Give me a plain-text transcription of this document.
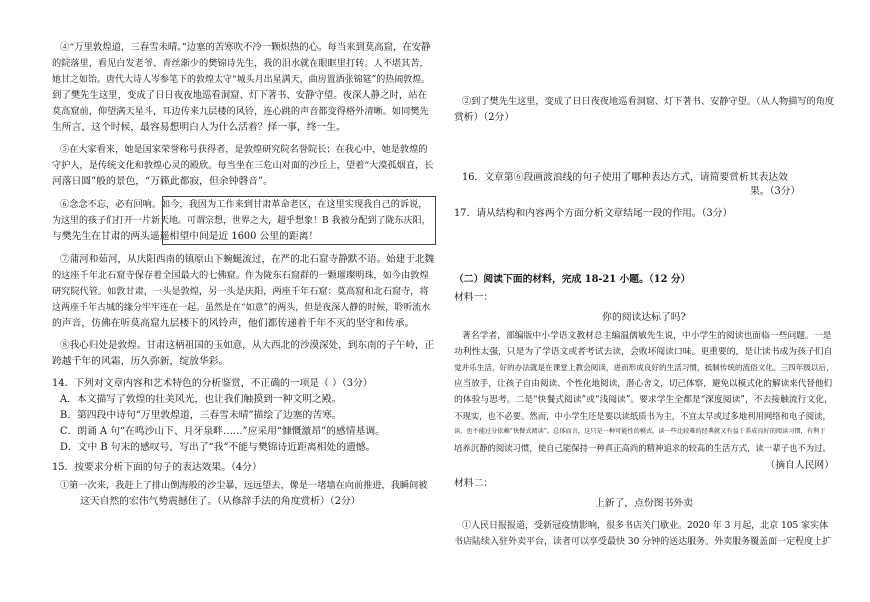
④“万里敦煌道，三春雪未晴。”边塞的苦寒吹不冷一颗炽热的心。每当来到莫高窟，在安静
的院落里，看见白发老爷、青丝渐少的樊锦诗先生，我的泪水就在眼眶里打转。人不堪其苦，
她甘之如饴。唐代大诗人岑参笔下的敦煌太守“城头月出星满天，曲房置酒张锦筵”的热闹敦煌。
到了樊先生这里，变成了日日夜夜地巡看洞窟、灯下著书、安静守望。夜深人静之时，站在
莫高窟前，仰望满天星斗，耳边传来九层楼的风铃，连心跳的声音都变得格外清晰。如同樊先
生所言，这个时候，最容易想明白人为什么活着？择一事，终一生。
⑤在大家看来，她是国家荣誉称号获得者，是敦煌研究院名誉院长；在我心中，她是敦煌的
守护人，是传统文化和敦煌心灵的殿欣。每当坐在三危山对面的沙丘上，望着“大漠孤烟直，长
河落日圆”般的景色，“万籁此都寂，但余钟磬音”。
⑥念念不忘，必有回响。如今，我因为工作来到甘肃革命老区，在这里实现我自己的诉说，
为这里的孩子们打开一片新天地。可谓宗想，世界之大，超乎想象！B 我被分配到了陇东庆阳，
与樊先生在甘肃的两头遥遥相望中间是近 1600 公里的距离！
⑦蒲河和茹河，从庆阳西南的镇原山下蜿蜒流过，在严的北石窟寺静默不语。始建于北魏
的这座千年北石窟寺保存着全国最大的七佛窟。作为陇东石窟群的一颗璀璨明珠，如今由敦煌
研究院代管。如敦甘肃，一头是敦煌，另一头是庆阳，两座千年石窟：莫高窟和北石窟寺，将
这两座千年古城的缘分牢牢连在一起。虽然是在“如意”的两头，但是夜深人静的时候，聆听流水
的声音，仿佛在听莫高窟九层楼下的风铃声，他们都传递着千年不灭的坚守和传承。
⑧我心归处是敦煌。甘肃这柄祖国的玉如意，从大西北的沙漠深处，到东南的子午岭，正
跨越千年的风霜，历久弥新，绽放华彩。
14．下列对文章内容和艺术特色的分析鉴赏，不正确的一项是（ ）（3分）
A．本文描写了敦煌的壮美风光，也让我们触摸到一种文明之殿。
B．第四段中诗句“万里敦煌道，三春雪未晴”描绘了边塞的苦寒。
C．朗诵 A 句“在鸣沙山下、月牙泉畔……”应采用“慷慨激昂”的感情基调。
D．文中 B 句末的感叹号，写出了“我”不能与樊锦诗近距离相处的遗憾。
15．按要求分析下面的句子的表达效果。（4分）
①第一次来，我赶上了排山倒海般的沙尘暴，远远望去，像是一堵墙在向前推进，我瞬间被
这天自然的宏伟气势震撼住了。（从修辞手法的角度赏析）（2分）
②到了樊先生这里，变成了日日夜夜地巡看洞窟、灯下著书、安静守望。（从人物描写的角度
赏析）（2分）
16．文章第⑥段画波浪线的句子使用了哪种表达方式，请简要赏析其表达效
果。（3分）
17．请从结构和内容两个方面分析文章结尾一段的作用。（3分）
（二）阅读下面的材料，完成 18-21 小题。（12 分）
材料一：
你的阅读达标了吗?
著名学者，部编版中小学语文教材总主编温儒敏先生说，中小学生的阅读也面临一些问题。一是
功利性太强，只是为了学语文或者考试去读，会败坏阅读口味。更重要的，是让读书成为孩子们自
觉并乐生活，好的办法就是在课堂上教会阅读，进而形成良好的生活习惯，抵制传统的流俗文化。三四年级以后，
应当放手，让孩子自由阅读、个性化地阅读，潜心舍文，切己体察，避免以模式化的解读来代替他们
的体验与思考。二是“快餐式阅读”或“浅阅读”。要求学生全都是“深度阅读”，不去接触流行文化，
不现实，也不必要。然而，中小学生还是要以读纸质书为主，不宜太早或过多地利用网络和电子阅读，
读，也不能过分依赖“快餐式阅读”。总体而言，这只是一种可能性的模式，读一些比较难的经典就又有益于养成良好的阅读习惯，有利于
培养沉静的阅读习惯，使自己能保持一种真正高尚的精神追求的较高的生活方式，读一辈子也不为过。
（摘自人民网）
材料二：
上新了，点份图书外卖
①人民日报报道，受新冠疫情影响，很多书店关门歇业。2020 年 3 月起，北京 105 家实体
书店陆续入驻外卖平台，读者可以享受最快 30 分钟的送达服务。外卖服务覆盖面一定程度上扩
